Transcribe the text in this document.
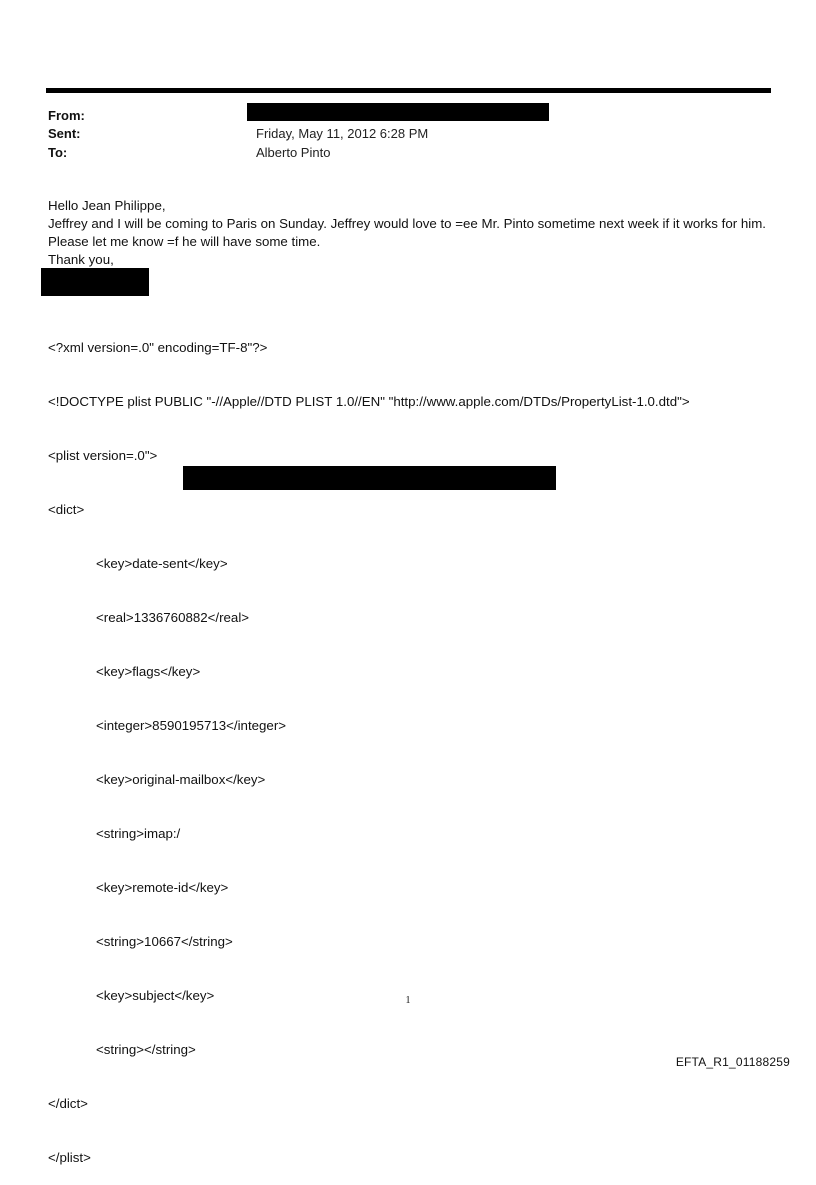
From:
Sent:	Friday, May 11, 2012 6:28 PM
To:	Alberto Pinto

Hello Jean Philippe,

Jeffrey and I will be coming to Paris on Sunday. Jeffrey would love to =ee Mr. Pinto sometime next week if it works for him. Please let me know =f he will have some time.

Thank you,

<?xml version=.0" encoding=TF-8"?>

<!DOCTYPE plist PUBLIC "-//Apple//DTD PLIST 1.0//EN" "http://www.apple.com/DTDs/PropertyList-1.0.dtd">

<plist version=.0">

<dict>

<key>date-sent</key>

<real>1336760882</real>

<key>flags</key>

<integer>8590195713</integer>

<key>original-mailbox</key>

<string>imap:/

<key>remote-id</key>

<string>10667</string>

<key>subject</key>

<string></string>

</dict>

</plist>

1
EFTA_R1_01188259
